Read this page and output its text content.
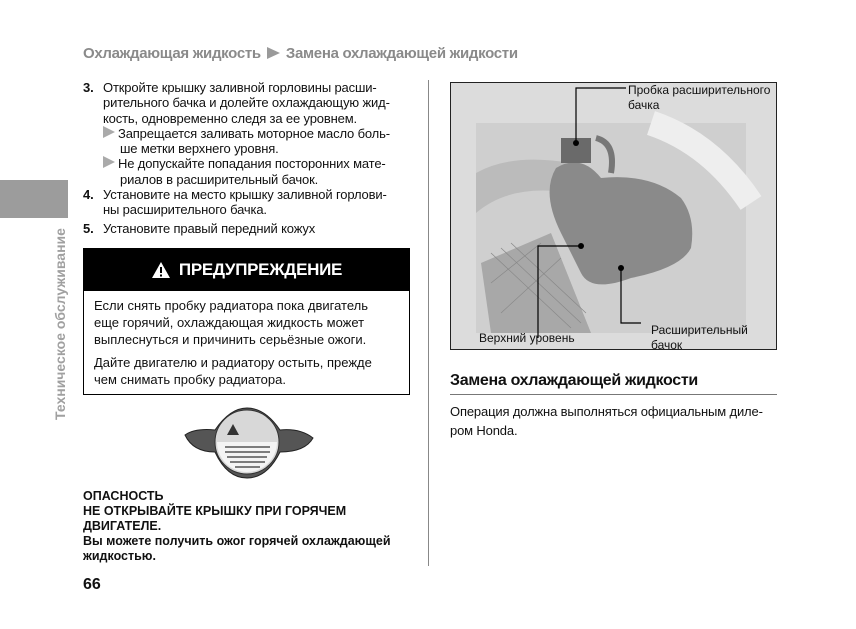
Охлаждающая жидкость Замена охлаждающей жидкости
Техническое обслуживание
3. Откройте крышку заливной горловины расши-
рительного бачка и долейте охлаждающую жид-
кость, одновременно следя за ее уровнем.
Запрещается заливать моторное масло боль-
ше метки верхнего уровня.
Не допускайте попадания посторонних мате-
риалов в расширительный бачок.
4. Установите на место крышку заливной горлови-
ны расширительного бачка.
5. Установите правый передний кожух
ПРЕДУПРЕЖДЕНИЕ

Если снять пробку радиатора пока двигатель
еще горячий, охлаждающая жидкость может
выплеснуться и причинить серьёзные ожоги.

Дайте двигателю и радиатору остыть, прежде
чем снимать пробку радиатора.

ОПАСНОСТЬ
НЕ ОТКРЫВАЙТЕ КРЫШКУ ПРИ ГОРЯЧЕМ
ДВИГАТЕЛЕ.
Вы можете получить ожог горячей охлаждающей
жидкостью.
66
Пробка расширительного
бачка
Верхний уровень
Расширительный
бачок
Замена охлаждающей жидкости
Операция должна выполняться официальным диле-
ром Honda.
